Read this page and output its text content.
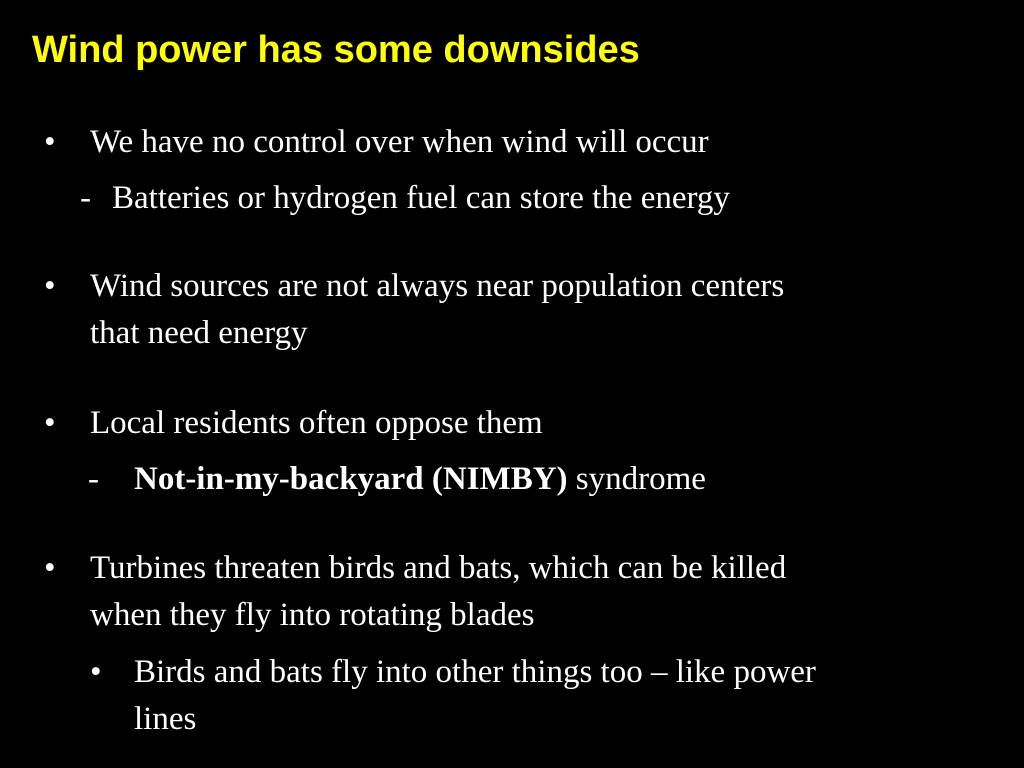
Wind power has some downsides
• We have no control over when wind will occur
- Batteries or hydrogen fuel can store the energy
• Wind sources are not always near population centers
that need energy
• Local residents often oppose them
- Not-in-my-backyard (NIMBY) syndrome
• Turbines threaten birds and bats, which can be killed
when they fly into rotating blades
• Birds and bats fly into other things too – like power
lines
